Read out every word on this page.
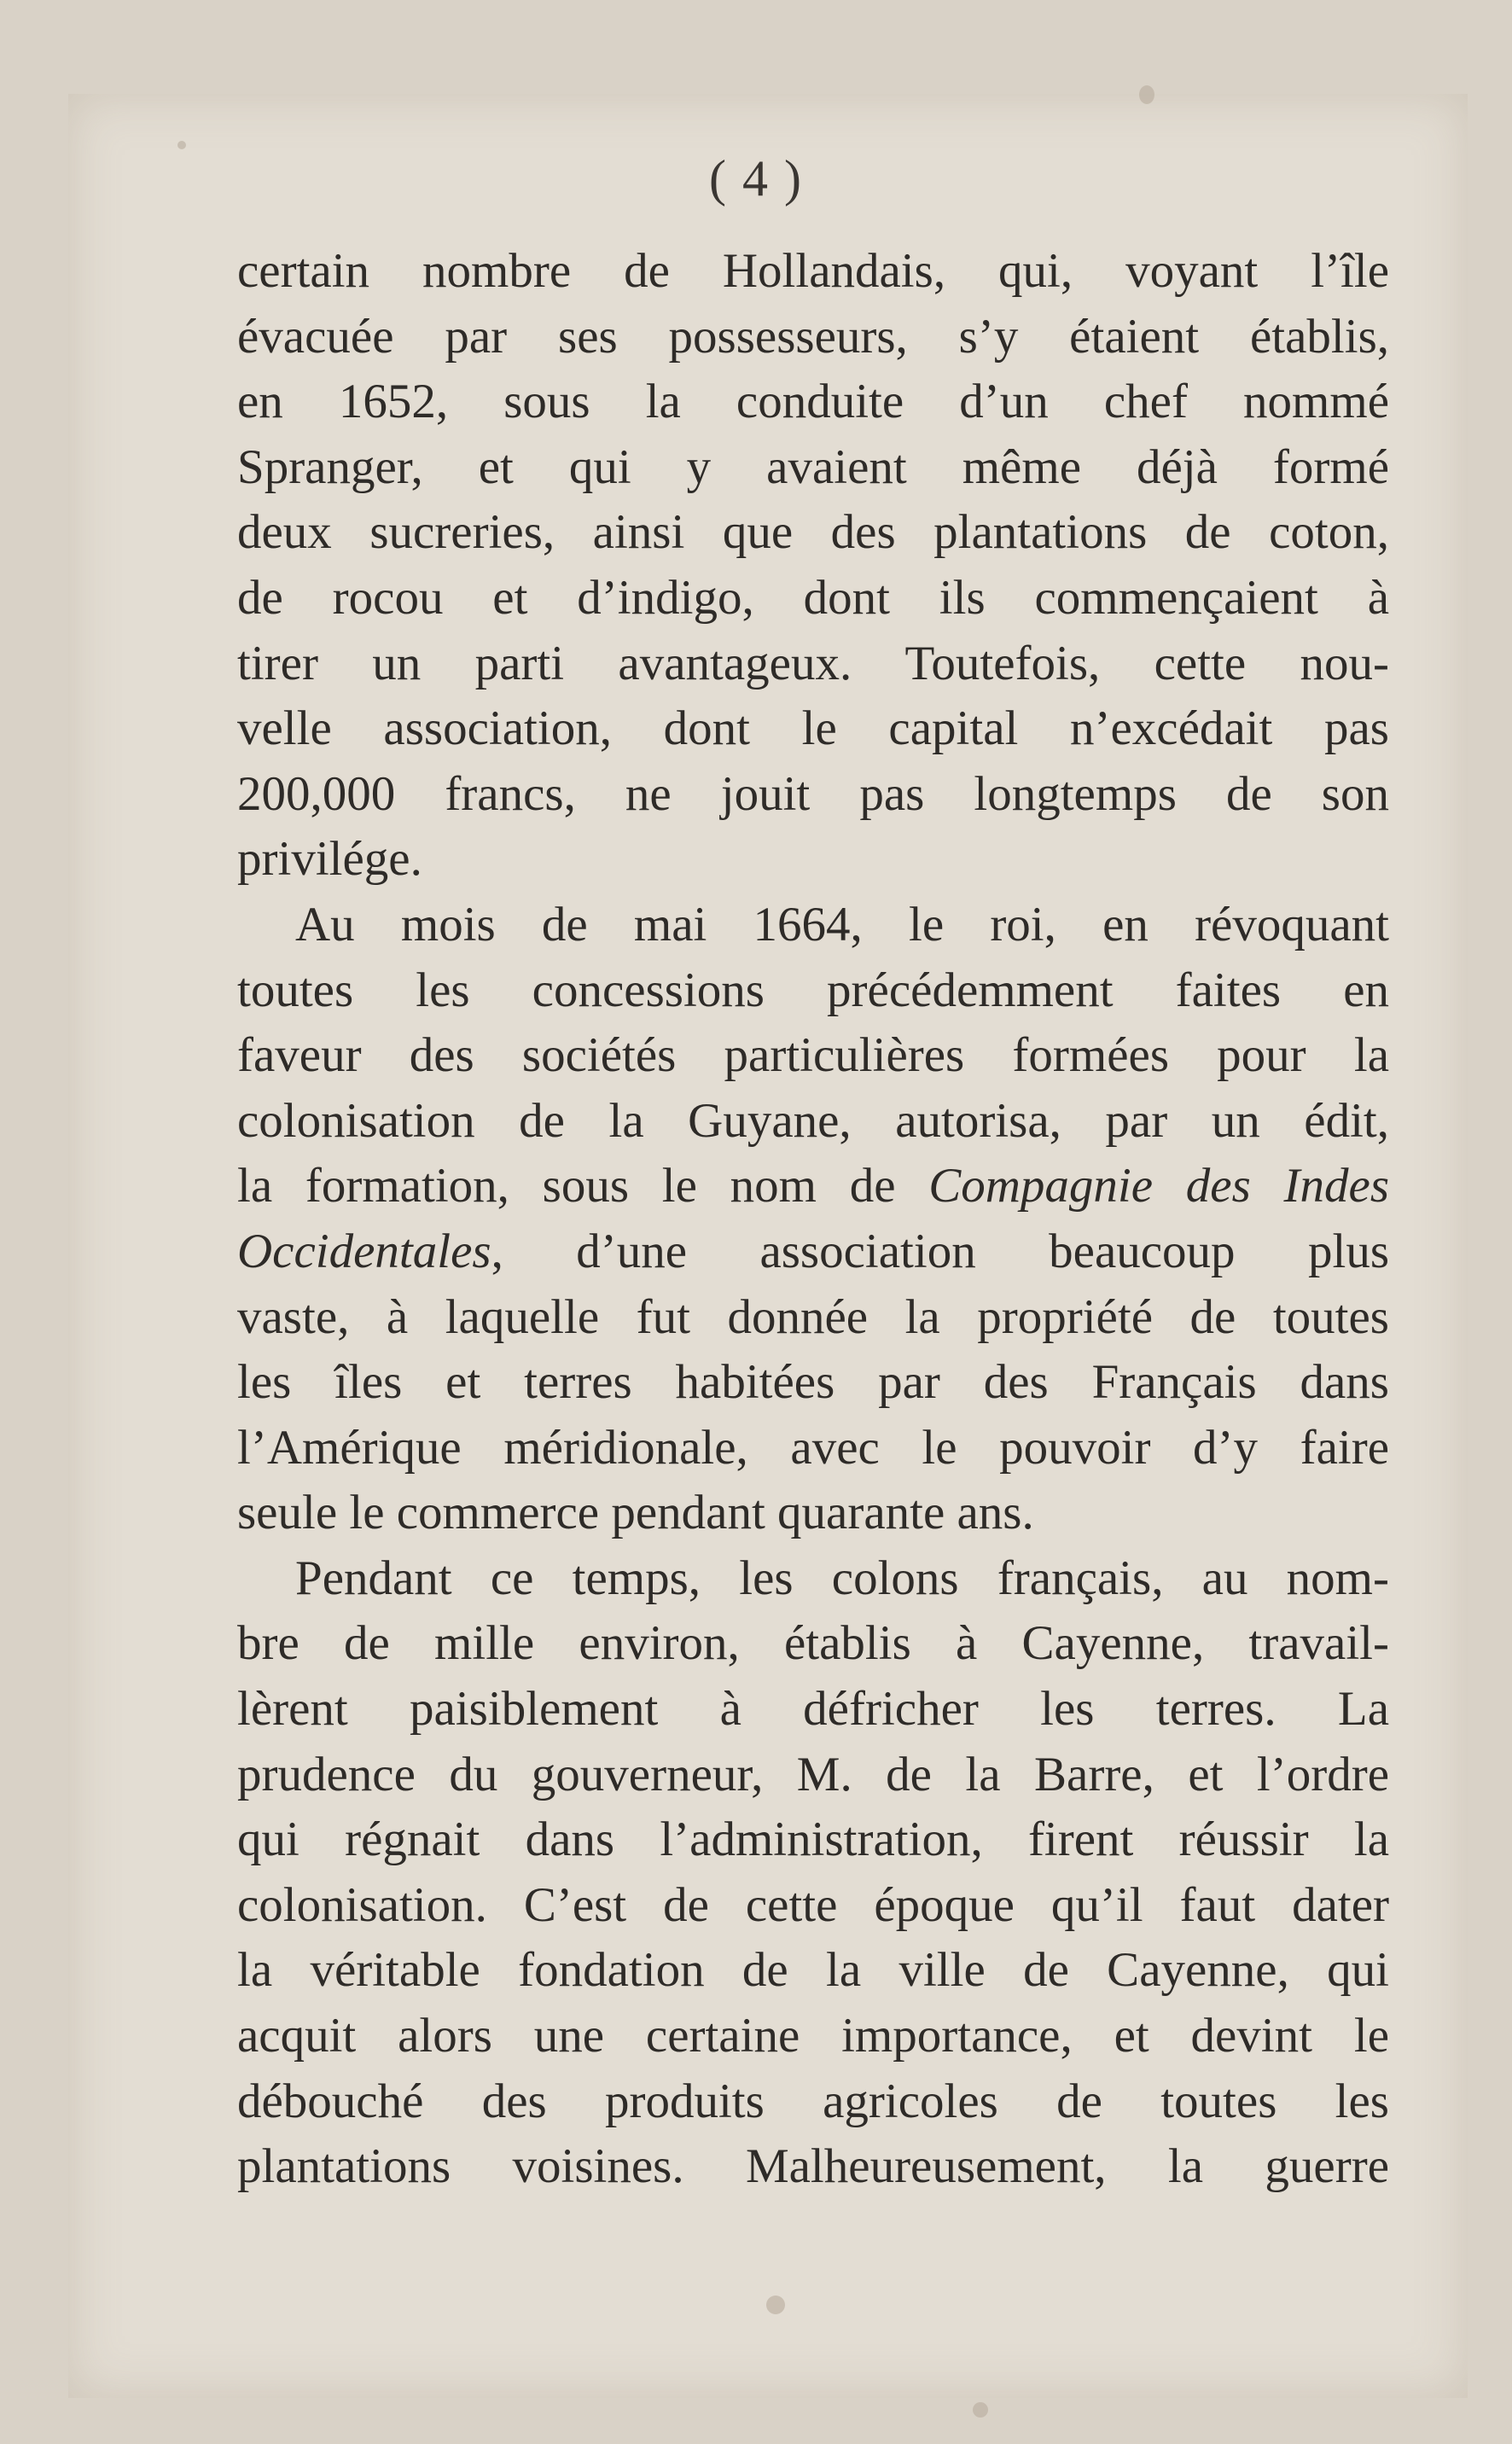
( 4 )
certain nombre de Hollandais, qui, voyant l’île
évacuée par ses possesseurs, s’y étaient établis,
en 1652, sous la conduite d’un chef nommé
Spranger, et qui y avaient même déjà formé
deux sucreries, ainsi que des plantations de coton,
de rocou et d’indigo, dont ils commençaient à
tirer un parti avantageux. Toutefois, cette nou-
velle association, dont le capital n’excédait pas
200,000 francs, ne jouit pas longtemps de son
privilége.
Au mois de mai 1664, le roi, en révoquant
toutes les concessions précédemment faites en
faveur des sociétés particulières formées pour la
colonisation de la Guyane, autorisa, par un édit,
la formation, sous le nom de Compagnie des Indes
Occidentales, d’une association beaucoup plus
vaste, à laquelle fut donnée la propriété de toutes
les îles et terres habitées par des Français dans
l’Amérique méridionale, avec le pouvoir d’y faire
seule le commerce pendant quarante ans.
Pendant ce temps, les colons français, au nom-
bre de mille environ, établis à Cayenne, travail-
lèrent paisiblement à défricher les terres. La
prudence du gouverneur, M. de la Barre, et l’ordre
qui régnait dans l’administration, firent réussir la
colonisation. C’est de cette époque qu’il faut dater
la véritable fondation de la ville de Cayenne, qui
acquit alors une certaine importance, et devint le
débouché des produits agricoles de toutes les
plantations voisines. Malheureusement, la guerre
